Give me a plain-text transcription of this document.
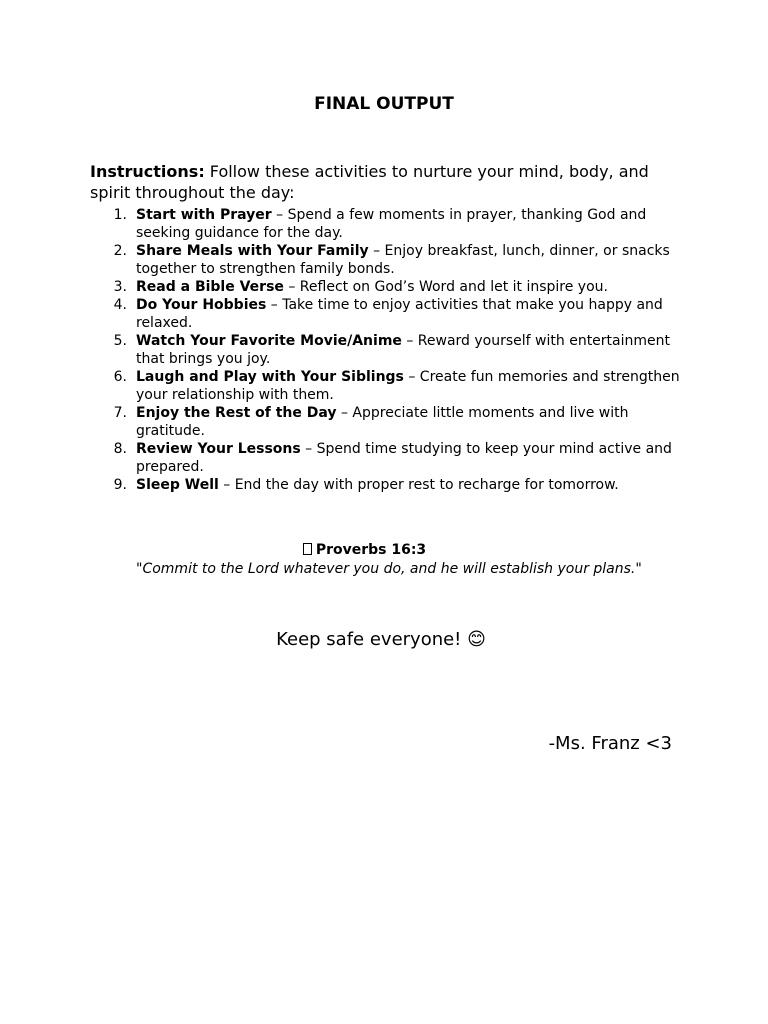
FINAL OUTPUT

Instructions: Follow these activities to nurture your mind, body, and spirit throughout the day:

1. Start with Prayer – Spend a few moments in prayer, thanking God and seeking guidance for the day.
2. Share Meals with Your Family – Enjoy breakfast, lunch, dinner, or snacks together to strengthen family bonds.
3. Read a Bible Verse – Reflect on God’s Word and let it inspire you.
4. Do Your Hobbies – Take time to enjoy activities that make you happy and relaxed.
5. Watch Your Favorite Movie/Anime – Reward yourself with entertainment that brings you joy.
6. Laugh and Play with Your Siblings – Create fun memories and strengthen your relationship with them.
7. Enjoy the Rest of the Day – Appreciate little moments and live with gratitude.
8. Review Your Lessons – Spend time studying to keep your mind active and prepared.
9. Sleep Well – End the day with proper rest to recharge for tomorrow.
Proverbs 16:3
"Commit to the Lord whatever you do, and he will establish your plans."

Keep safe everyone! 😊

-Ms. Franz <3
